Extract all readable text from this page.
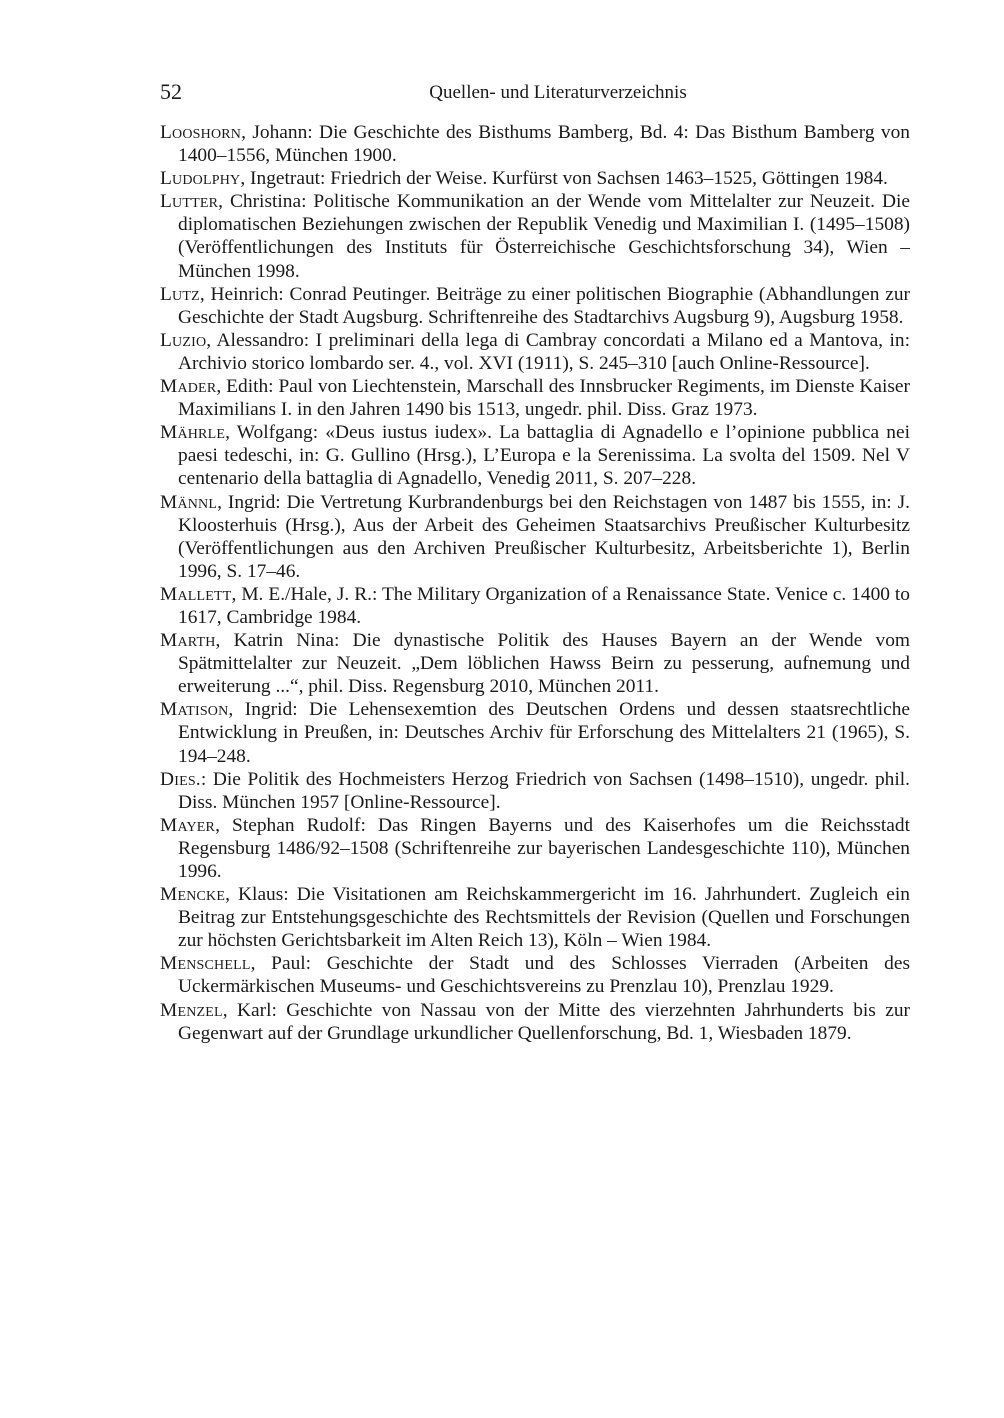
52	Quellen- und Literaturverzeichnis

Looshorn, Johann: Die Geschichte des Bisthums Bamberg, Bd. 4: Das Bisthum Bamberg von 1400–1556, München 1900.

Ludolphy, Ingetraut: Friedrich der Weise. Kurfürst von Sachsen 1463–1525, Göttingen 1984.

Lutter, Christina: Politische Kommunikation an der Wende vom Mittelalter zur Neuzeit. Die diplomatischen Beziehungen zwischen der Republik Venedig und Maximilian I. (1495–1508) (Veröffentlichungen des Instituts für Österreichische Geschichtsforschung 34), Wien – München 1998.

Lutz, Heinrich: Conrad Peutinger. Beiträge zu einer politischen Biographie (Abhandlungen zur Geschichte der Stadt Augsburg. Schriftenreihe des Stadtarchivs Augsburg 9), Augsburg 1958.

Luzio, Alessandro: I preliminari della lega di Cambray concordati a Milano ed a Mantova, in: Archivio storico lombardo ser. 4., vol. XVI (1911), S. 245–310 [auch Online-Ressource].

Mader, Edith: Paul von Liechtenstein, Marschall des Innsbrucker Regiments, im Dienste Kaiser Maximilians I. in den Jahren 1490 bis 1513, ungedr. phil. Diss. Graz 1973.

Mährle, Wolfgang: «Deus iustus iudex». La battaglia di Agnadello e l’opinione pubblica nei paesi tedeschi, in: G. Gullino (Hrsg.), L’Europa e la Serenissima. La svolta del 1509. Nel V centenario della battaglia di Agnadello, Venedig 2011, S. 207–228.

Männl, Ingrid: Die Vertretung Kurbrandenburgs bei den Reichstagen von 1487 bis 1555, in: J. Kloosterhuis (Hrsg.), Aus der Arbeit des Geheimen Staatsarchivs Preußischer Kulturbesitz (Veröffentlichungen aus den Archiven Preußischer Kulturbesitz, Arbeitsberichte 1), Berlin 1996, S. 17–46.

Mallett, M. E./Hale, J. R.: The Military Organization of a Renaissance State. Venice c. 1400 to 1617, Cambridge 1984.

Marth, Katrin Nina: Die dynastische Politik des Hauses Bayern an der Wende vom Spätmittelalter zur Neuzeit. „Dem löblichen Hawss Beirn zu pesserung, aufnemung und erweiterung ...“, phil. Diss. Regensburg 2010, München 2011.

Matison, Ingrid: Die Lehensexemtion des Deutschen Ordens und dessen staatsrechtliche Entwicklung in Preußen, in: Deutsches Archiv für Erforschung des Mittelalters 21 (1965), S. 194–248.

Dies.: Die Politik des Hochmeisters Herzog Friedrich von Sachsen (1498–1510), ungedr. phil. Diss. München 1957 [Online-Ressource].

Mayer, Stephan Rudolf: Das Ringen Bayerns und des Kaiserhofes um die Reichsstadt Regensburg 1486/92–1508 (Schriftenreihe zur bayerischen Landesgeschichte 110), München 1996.

Mencke, Klaus: Die Visitationen am Reichskammergericht im 16. Jahrhundert. Zugleich ein Beitrag zur Entstehungsgeschichte des Rechtsmittels der Revision (Quellen und Forschungen zur höchsten Gerichtsbarkeit im Alten Reich 13), Köln – Wien 1984.

Menschell, Paul: Geschichte der Stadt und des Schlosses Vierraden (Arbeiten des Uckermärkischen Museums- und Geschichtsvereins zu Prenzlau 10), Prenzlau 1929.

Menzel, Karl: Geschichte von Nassau von der Mitte des vierzehnten Jahrhunderts bis zur Gegenwart auf der Grundlage urkundlicher Quellenforschung, Bd. 1, Wiesbaden 1879.
